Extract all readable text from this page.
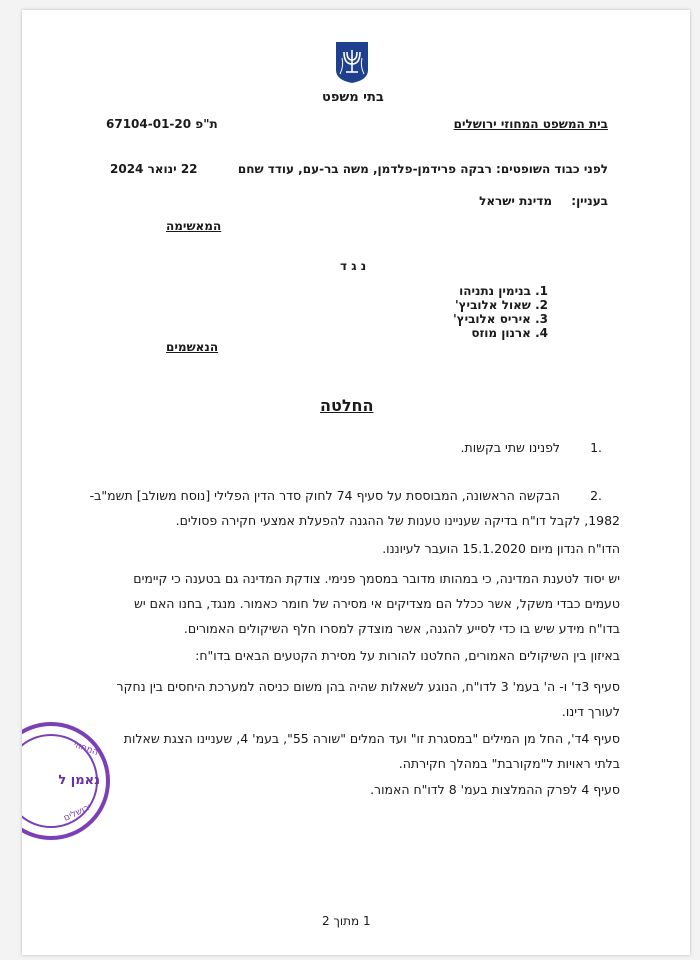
בתי משפט
בית המשפט המחוזי ירושלים
67104-01-20 ת"פ
לפני כבוד השופטים: רבקה פרידמן-פלדמן, משה בר-עם, עודד שחם
22 ינואר 2024
בעניין:
מדינת ישראל
המאשימה
נ ג ד
1. בנימין נתניהו
2. שאול אלוביץ'
3. איריס אלוביץ'
4. ארנון מוזס
הנאשמים
החלטה
1.
לפנינו שתי בקשות.
2.
הבקשה הראשונה, המבוססת על סעיף 74 לחוק סדר הדין הפלילי [נוסח משולב] תשמ"ב-
1982, לקבל דו"ח בדיקה שעניינו טענות של ההגנה להפעלת אמצעי חקירה פסולים.
הדו"ח הנדון מיום 15.1.2020 הועבר לעיוננו.
יש יסוד לטענת המדינה, כי במהותו מדובר במסמך פנימי. צודקת המדינה גם בטענה כי קיימים טעמים כבדי משקל, אשר ככלל הם מצדיקים אי מסירה של חומר כאמור. מנגד, בחנו האם יש בדו"ח מידע שיש בו כדי לסייע להגנה, אשר מוצדק למסרו חלף השיקולים האמורים.
באיזון בין השיקולים האמורים, החלטנו להורות על מסירת הקטעים הבאים בדו"ח:
סעיף 3ד' ו- ה' בעמ' 3 לדו"ח, הנוגע לשאלות שהיה בהן משום כניסה למערכת היחסים בין נחקר לעורך דינו.
סעיף 4ד', החל מן המילים "במסגרת זו" ועד המלים "שורה 55", בעמ' 4, שעניינו הצגת שאלות בלתי ראויות ל"מקורבת" במהלך חקירתה.
סעיף 4 לפרק ההמלצות בעמ' 8 לדו"ח האמור.
1 מתוך 2
המחוזי
נאמן ל
ירושלים
